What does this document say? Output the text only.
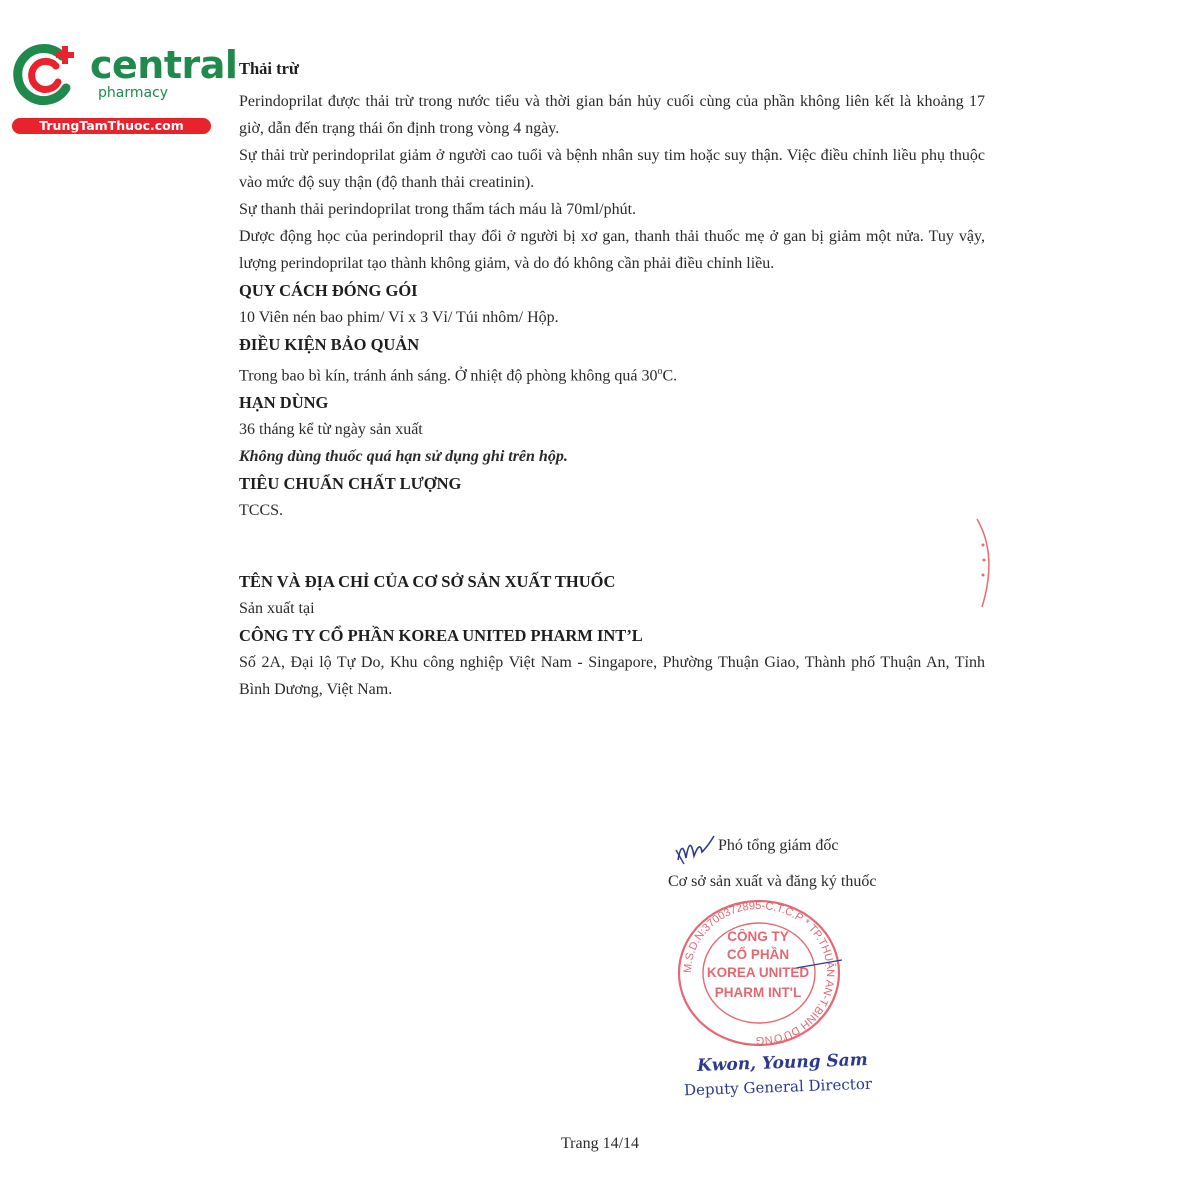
central
pharmacy
TrungTamThuoc.com

Thải trừ

Perindoprilat được thải trừ trong nước tiểu và thời gian bán hủy cuối cùng của phần không liên kết là khoảng 17 giờ, dẫn đến trạng thái ổn định trong vòng 4 ngày.

Sự thải trừ perindoprilat giảm ở người cao tuổi và bệnh nhân suy tim hoặc suy thận. Việc điều chỉnh liều phụ thuộc vào mức độ suy thận (độ thanh thải creatinin).

Sự thanh thải perindoprilat trong thẩm tách máu là 70ml/phút.

Dược động học của perindopril thay đổi ở người bị xơ gan, thanh thải thuốc mẹ ở gan bị giảm một nửa. Tuy vậy, lượng perindoprilat tạo thành không giảm, và do đó không cần phải điều chỉnh liều.

QUY CÁCH ĐÓNG GÓI

10 Viên nén bao phim/ Vỉ x 3 Vỉ/ Túi nhôm/ Hộp.

ĐIỀU KIỆN BẢO QUẢN

Trong bao bì kín, tránh ánh sáng. Ở nhiệt độ phòng không quá 30$^o$C.

HẠN DÙNG

36 tháng kể từ ngày sản xuất

Không dùng thuốc quá hạn sử dụng ghi trên hộp.

TIÊU CHUẨN CHẤT LƯỢNG

TCCS.

TÊN VÀ ĐỊA CHỈ CỦA CƠ SỞ SẢN XUẤT THUỐC

Sản xuất tại

CÔNG TY CỔ PHẦN KOREA UNITED PHARM INT’L

Số 2A, Đại lộ Tự Do, Khu công nghiệp Việt Nam - Singapore, Phường Thuận Giao, Thành phố Thuận An, Tỉnh Bình Dương, Việt Nam.

Phó tổng giám đốc
Cơ sở sản xuất và đăng ký thuốc
M.S.D.N:3700372895-C.T.C.P * TP.THUẬN AN-T.BÌNH DƯƠNG
CÔNG TY
CỔ PHẦN
KOREA UNITED
PHARM INT'L
Kwon, Young Sam
Deputy General Director
Trang 14/14
